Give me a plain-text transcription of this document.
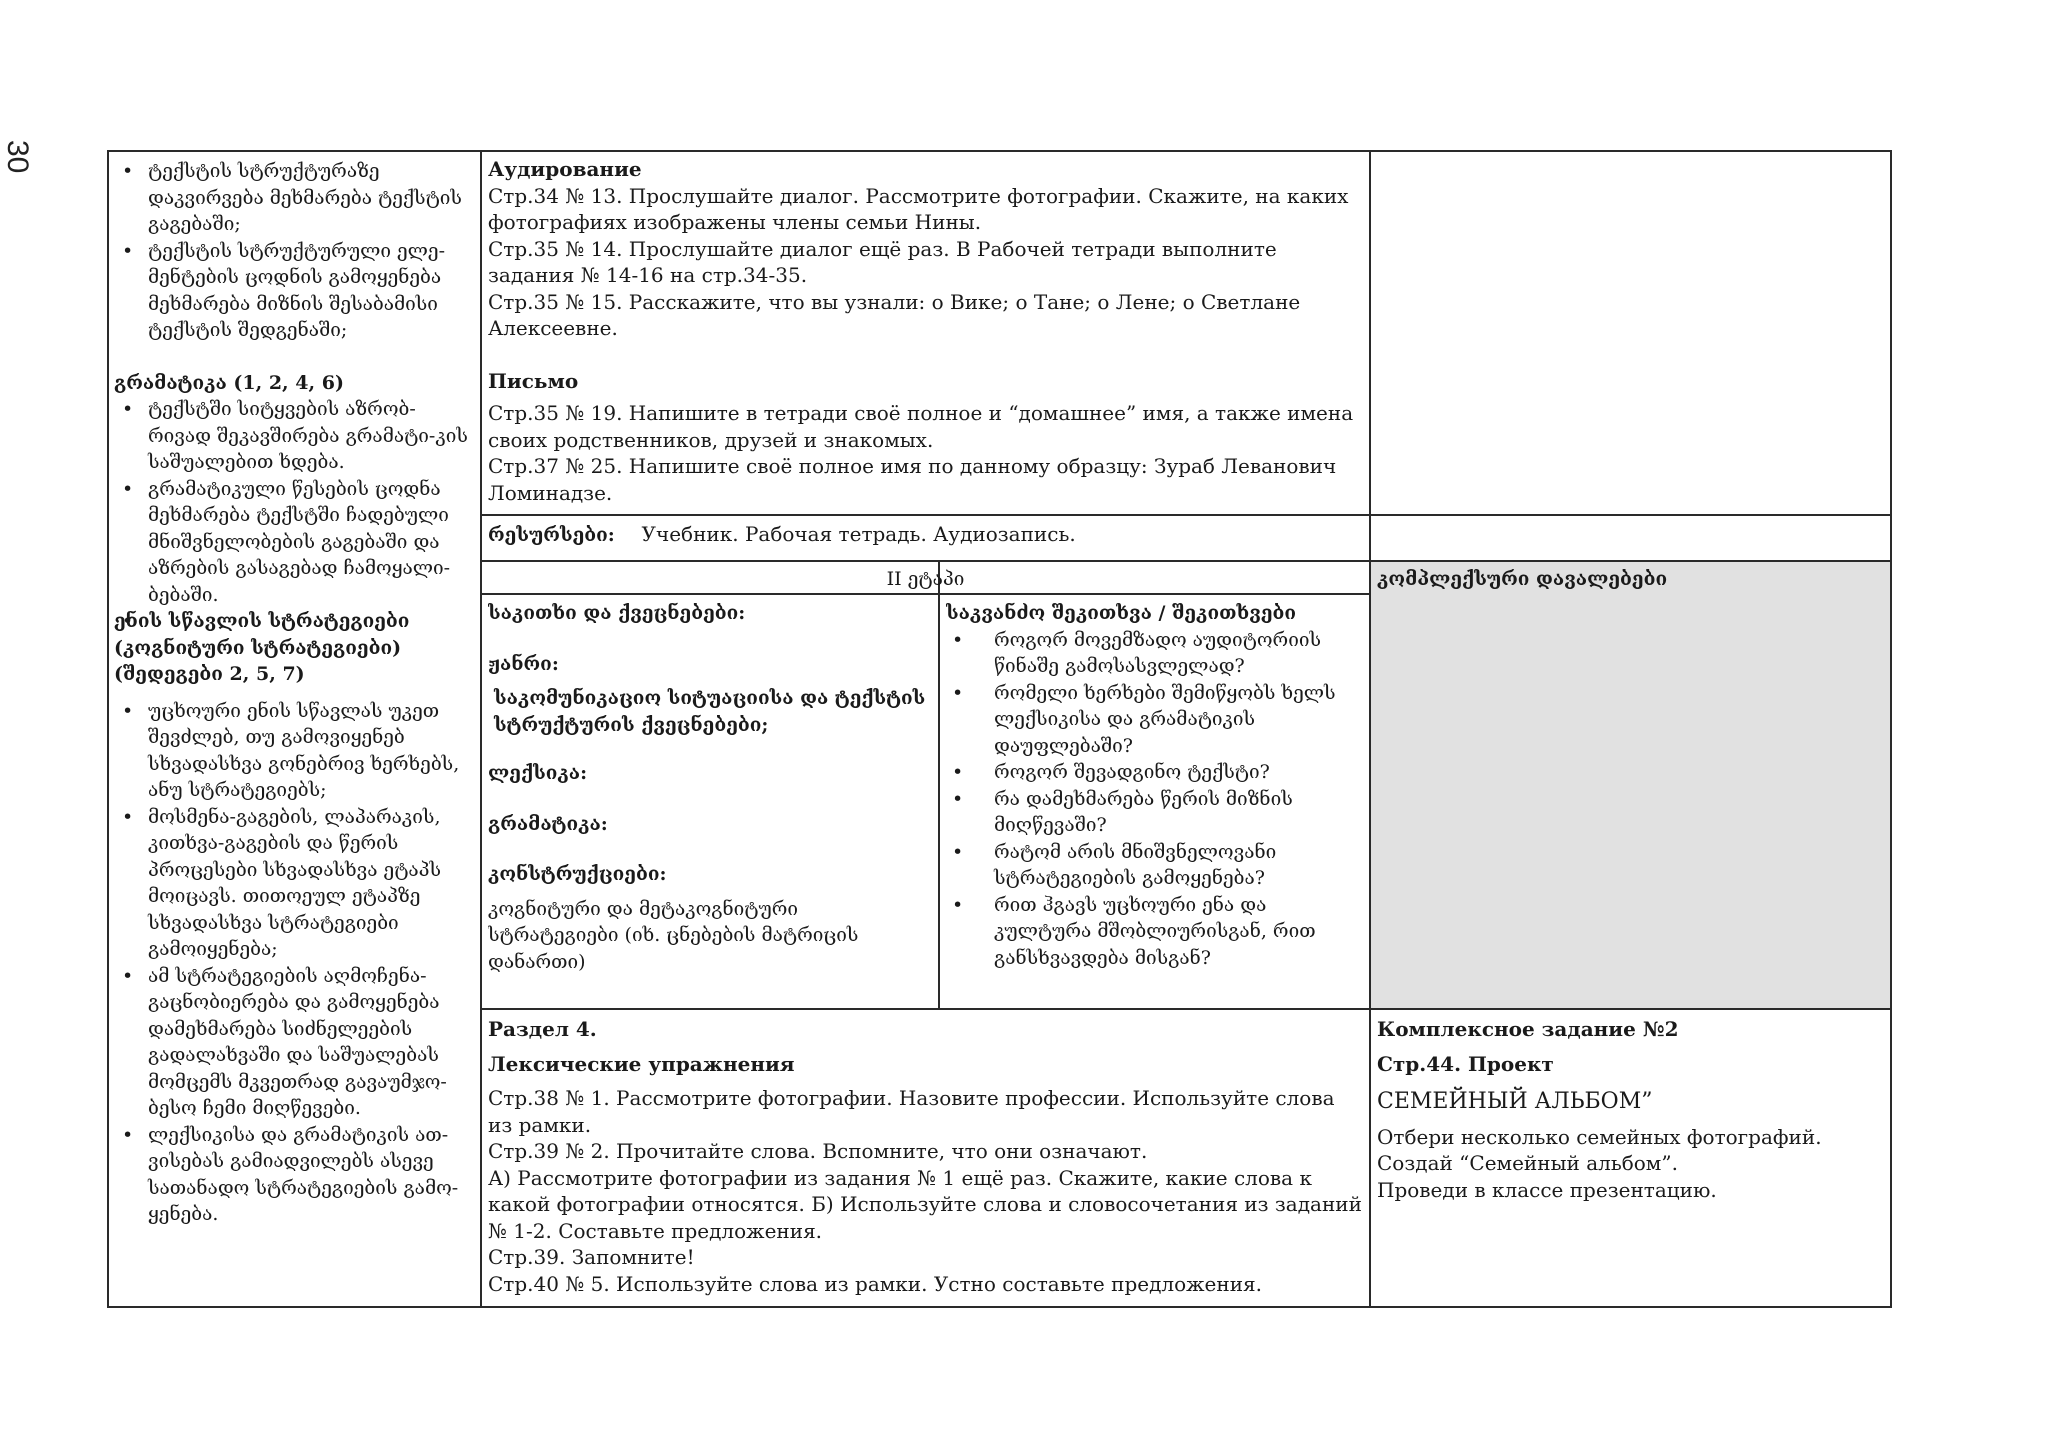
30
•	ტექსტის სტრუქტურაზე დაკვირვება მეხმარება ტექსტის გაგებაში;
• ტექსტის სტრუქტურული ელე-მენტების ცოდნის გამოყენება მეხმარება მიზნის შესაბამისი ტექსტის შედგენაში;

გრამატიკა (1, 2, 4, 6)

• ტექსტში სიტყვების აზრობ-რივად შეკავშირება გრამატი-კის საშუალებით ხდება.
• გრამატიკული წესების ცოდნა მეხმარება ტექსტში ჩადებული მნიშვნელობების გაგებაში და აზრების გასაგებად ჩამოყალი-ბებაში.

ენის სწავლის სტრატეგიები (კოგნიტური სტრატეგიები) (შედეგები 2, 5, 7)

• უცხოური ენის სწავლას უკეთ შევძლებ, თუ გამოვიყენებ სხვადასხვა გონებრივ ხერხებს, ანუ სტრატეგიებს;
• მოსმენა-გაგების, ლაპარაკის, კითხვა-გაგების და წერის პროცესები სხვადასხვა ეტაპს მოიცავს. თითოეულ ეტაპზე სხვადასხვა სტრატეგიები გამოიყენება;
• ამ სტრატეგიების აღმოჩენა-გაცნობიერება და გამოყენება დამეხმარება სიძნელეების გადალახვაში და საშუალებას მომცემს მკვეთრად გავაუმჯო-ბესო ჩემი მიღწევები.
• ლექსიკისა და გრამატიკის ათ-ვისებას გამიადვილებს ასევე სათანადო სტრატეგიების გამო-ყენება.

Аудирование

Стр.34 № 13. Прослушайте диалог. Рассмотрите фотографии. Скажите, на каких фотографиях изображены члены семьи Нины.

Стр.35 № 14. Прослушайте диалог ещё раз. В Рабочей тетради выполните задания № 14-16 на стр.34-35.

Стр.35 № 15. Расскажите, что вы узнали: о Вике; о Тане; о Лене; о Светлане Алексеевне.

Письмо

Стр.35 № 19. Напишите в тетради своё полное и “домашнее” имя, а также имена своих родственников, друзей и знакомых.

Стр.37 № 25. Напишите своё полное имя по данному образцу: Зураб Леванович Ломинадзе.

რესურსები: Учебник. Рабочая тетрадь. Аудиозапись.
II ეტაპი	კომპლექსური დავალებები

საკითხი და ქვეცნებები:

ჟანრი:

საკომუნიკაციო სიტუაციისა და ტექსტის სტრუქტურის ქვეცნებები;

ლექსიკა:

გრამატიკა:

კონსტრუქციები:

კოგნიტური და მეტაკოგნიტური სტრატეგიები (იხ. ცნებების მატრიცის დანართი)

საკვანძო შეკითხვა / შეკითხვები

• როგორ მოვემზადო აუდიტორიის წინაშე გამოსასვლელად?
• რომელი ხერხები შემიწყობს ხელს ლექსიკისა და გრამატიკის დაუფლებაში?
• როგორ შევადგინო ტექსტი?
• რა დამეხმარება წერის მიზნის მიღწევაში?
• რატომ არის მნიშვნელოვანი სტრატეგიების გამოყენება?
• რით ჰგავს უცხოური ენა და კულტურა მშობლიურისგან, რით განსხვავდება მისგან?

Раздел 4.

Лексические упражнения

Стр.38 № 1. Рассмотрите фотографии. Назовите профессии. Используйте слова из рамки.

Стр.39 № 2. Прочитайте слова. Вспомните, что они означают.

А) Рассмотрите фотографии из задания № 1 ещё раз. Скажите, какие слова к какой фотографии относятся. Б) Используйте слова и словосочетания из заданий № 1-2. Составьте предложения.

Стр.39. Запомните!

Стр.40 № 5. Используйте слова из рамки. Устно составьте предложения.

Комплексное задание №2

Стр.44. Проект

СЕМЕЙНЫЙ АЛЬБОМ”

Отбери несколько семейных фотографий.

Создай “Семейный альбом”.

Проведи в классе презентацию.
